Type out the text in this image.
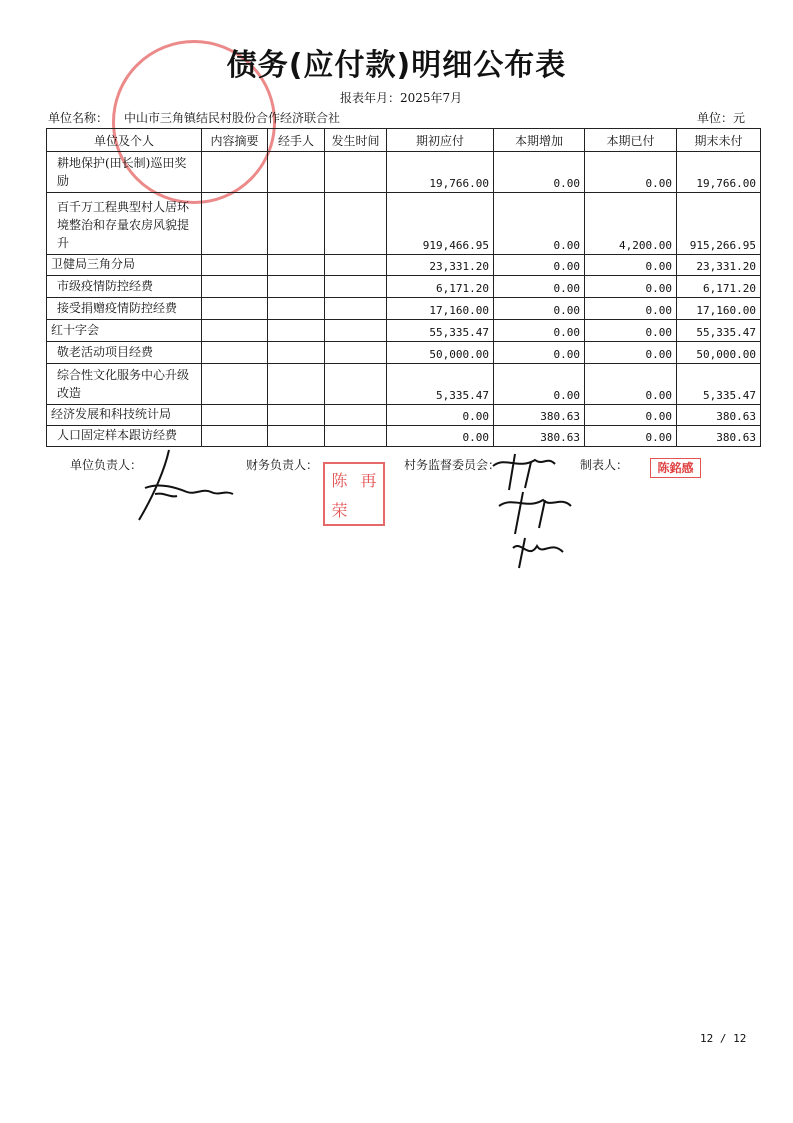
债务(应付款)明细公布表
报表年月：2025年7月
单位名称： 中山市三角镇结民村股份合作经济联合社	单位：元
单位及个人	内容摘要	经手人	发生时间	期初应付	本期增加	本期已付	期末未付
耕地保护(田长制)巡田奖励				19,766.00	0.00	0.00	19,766.00
百千万工程典型村人居环境整治和存量农房风貌提升				919,466.95	0.00	4,200.00	915,266.95
卫健局三角分局				23,331.20	0.00	0.00	23,331.20
市级疫情防控经费				6,171.20	0.00	0.00	6,171.20
接受捐赠疫情防控经费				17,160.00	0.00	0.00	17,160.00
红十字会				55,335.47	0.00	0.00	55,335.47
敬老活动项目经费				50,000.00	0.00	0.00	50,000.00
综合性文化服务中心升级改造				5,335.47	0.00	0.00	5,335.47
经济发展和科技统计局				0.00	380.63	0.00	380.63
人口固定样本跟访经费				0.00	380.63	0.00	380.63
单位负责人：	财务负责人：	村务监督委员会：	制表人：
陈 再
荣
陈銘感
12 / 12
